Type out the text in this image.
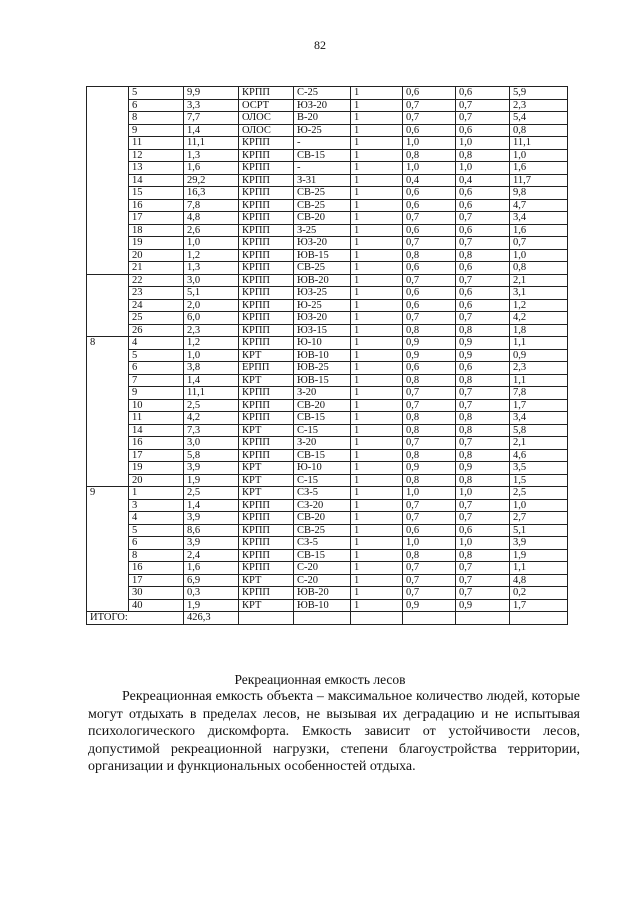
82
	5	9,9	КРПП	С-25	1	0,6	0,6	5,9
	6	3,3	ОСРТ	ЮЗ-20	1	0,7	0,7	2,3
	8	7,7	ОЛОС	В-20	1	0,7	0,7	5,4
	9	1,4	ОЛОС	Ю-25	1	0,6	0,6	0,8
	11	11,1	КРПП	-	1	1,0	1,0	11,1
	12	1,3	КРПП	СВ-15	1	0,8	0,8	1,0
	13	1,6	КРПП	-	1	1,0	1,0	1,6
	14	29,2	КРПП	З-31	1	0,4	0,4	11,7
	15	16,3	КРПП	СВ-25	1	0,6	0,6	9,8
	16	7,8	КРПП	СВ-25	1	0,6	0,6	4,7
	17	4,8	КРПП	СВ-20	1	0,7	0,7	3,4
	18	2,6	КРПП	З-25	1	0,6	0,6	1,6
	19	1,0	КРПП	ЮЗ-20	1	0,7	0,7	0,7
	20	1,2	КРПП	ЮВ-15	1	0,8	0,8	1,0
	21	1,3	КРПП	СВ-25	1	0,6	0,6	0,8
	22	3,0	КРПП	ЮВ-20	1	0,7	0,7	2,1
	23	5,1	КРПП	ЮЗ-25	1	0,6	0,6	3,1
	24	2,0	КРПП	Ю-25	1	0,6	0,6	1,2
	25	6,0	КРПП	ЮЗ-20	1	0,7	0,7	4,2
	26	2,3	КРПП	ЮЗ-15	1	0,8	0,8	1,8
8	4	1,2	КРПП	Ю-10	1	0,9	0,9	1,1
	5	1,0	КРТ	ЮВ-10	1	0,9	0,9	0,9
	6	3,8	ЕРПП	ЮВ-25	1	0,6	0,6	2,3
	7	1,4	КРТ	ЮВ-15	1	0,8	0,8	1,1
	9	11,1	КРПП	З-20	1	0,7	0,7	7,8
	10	2,5	КРПП	СВ-20	1	0,7	0,7	1,7
	11	4,2	КРПП	СВ-15	1	0,8	0,8	3,4
	14	7,3	КРТ	С-15	1	0,8	0,8	5,8
	16	3,0	КРПП	З-20	1	0,7	0,7	2,1
	17	5,8	КРПП	СВ-15	1	0,8	0,8	4,6
	19	3,9	КРТ	Ю-10	1	0,9	0,9	3,5
	20	1,9	КРТ	С-15	1	0,8	0,8	1,5
9	1	2,5	КРТ	СЗ-5	1	1,0	1,0	2,5
	3	1,4	КРПП	СЗ-20	1	0,7	0,7	1,0
	4	3,9	КРПП	СВ-20	1	0,7	0,7	2,7
	5	8,6	КРПП	СВ-25	1	0,6	0,6	5,1
	6	3,9	КРПП	СЗ-5	1	1,0	1,0	3,9
	8	2,4	КРПП	СВ-15	1	0,8	0,8	1,9
	16	1,6	КРПП	С-20	1	0,7	0,7	1,1
	17	6,9	КРТ	С-20	1	0,7	0,7	4,8
	30	0,3	КРПП	ЮВ-20	1	0,7	0,7	0,2
	40	1,9	КРТ	ЮВ-10	1	0,9	0,9	1,7
ИТОГО:		426,3						
Рекреационная емкость лесов

Рекреационная емкость объекта – максимальное количество людей, которые могут отдыхать в пределах лесов, не вызывая их деградацию и не испытывая психологического дискомфорта. Емкость зависит от устойчивости лесов, допустимой рекреационной нагрузки, степени благоустройства территории, организации и функциональных особенностей отдыха.
